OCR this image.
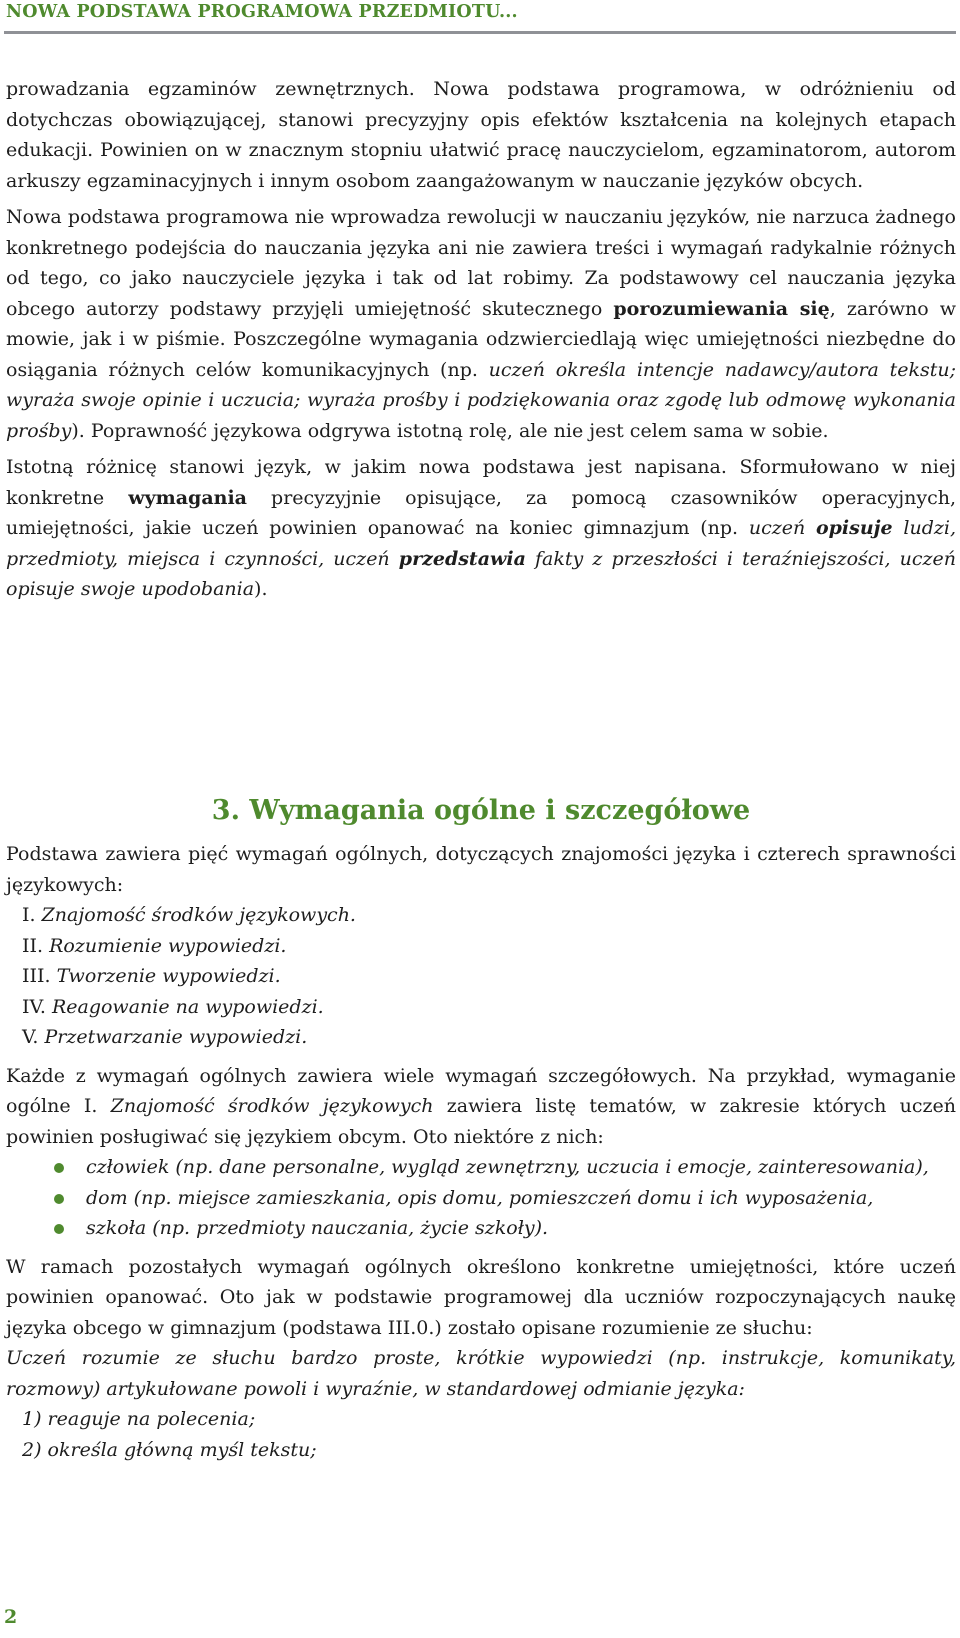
NOWA PODSTAWA PROGRAMOWA PRZEDMIOTU...

prowadzania egzaminów zewnętrznych. Nowa podstawa programowa, w odróżnieniu od dotychczas obowiązującej, stanowi precyzyjny opis efektów kształcenia na kolejnych etapach edukacji. Powinien on w znacznym stopniu ułatwić pracę nauczycielom, egzaminatorom, autorom arkuszy egzaminacyjnych i innym osobom zaangażowanym w nauczanie języków obcych.

Nowa podstawa programowa nie wprowadza rewolucji w nauczaniu języków, nie narzuca żadnego konkretnego podejścia do nauczania języka ani nie zawiera treści i wymagań radykalnie różnych od tego, co jako nauczyciele języka i tak od lat robimy. Za podstawowy cel nauczania języka obcego autorzy podstawy przyjęli umiejętność skutecznego porozumiewania się, zarówno w mowie, jak i w piśmie. Poszczególne wymagania odzwierciedlają więc umiejętności niezbędne do osiągania różnych celów komunikacyjnych (np. uczeń określa intencje nadawcy/autora tekstu; wyraża swoje opinie i uczucia; wyraża prośby i podziękowania oraz zgodę lub odmowę wykonania prośby). Poprawność językowa odgrywa istotną rolę, ale nie jest celem sama w sobie.

Istotną różnicę stanowi język, w jakim nowa podstawa jest napisana. Sformułowano w niej konkretne wymagania precyzyjnie opisujące, za pomocą czasowników operacyjnych, umiejętności, jakie uczeń powinien opanować na koniec gimnazjum (np. uczeń opisuje ludzi, przedmioty, miejsca i czynności, uczeń przedstawia fakty z przeszłości i teraźniejszości, uczeń opisuje swoje upodobania).

3. Wymagania ogólne i szczegółowe

Podstawa zawiera pięć wymagań ogólnych, dotyczących znajomości języka i czterech sprawności językowych:

I. Znajomość środków językowych.
II. Rozumienie wypowiedzi.
III. Tworzenie wypowiedzi.
IV. Reagowanie na wypowiedzi.
V. Przetwarzanie wypowiedzi.

Każde z wymagań ogólnych zawiera wiele wymagań szczegółowych. Na przykład, wymaganie ogólne I. Znajomość środków językowych zawiera listę tematów, w zakresie których uczeń powinien posługiwać się językiem obcym. Oto niektóre z nich:

człowiek (np. dane personalne, wygląd zewnętrzny, uczucia i emocje, zainteresowania),
dom (np. miejsce zamieszkania, opis domu, pomieszczeń domu i ich wyposażenia,
szkoła (np. przedmioty nauczania, życie szkoły).

W ramach pozostałych wymagań ogólnych określono konkretne umiejętności, które uczeń powinien opanować. Oto jak w podstawie programowej dla uczniów rozpoczynających naukę języka obcego w gimnazjum (podstawa III.0.) zostało opisane rozumienie ze słuchu:

Uczeń rozumie ze słuchu bardzo proste, krótkie wypowiedzi (np. instrukcje, komunikaty, rozmowy) artykułowane powoli i wyraźnie, w standardowej odmianie języka:

1) reaguje na polecenia;
2) określa główną myśl tekstu;
2
